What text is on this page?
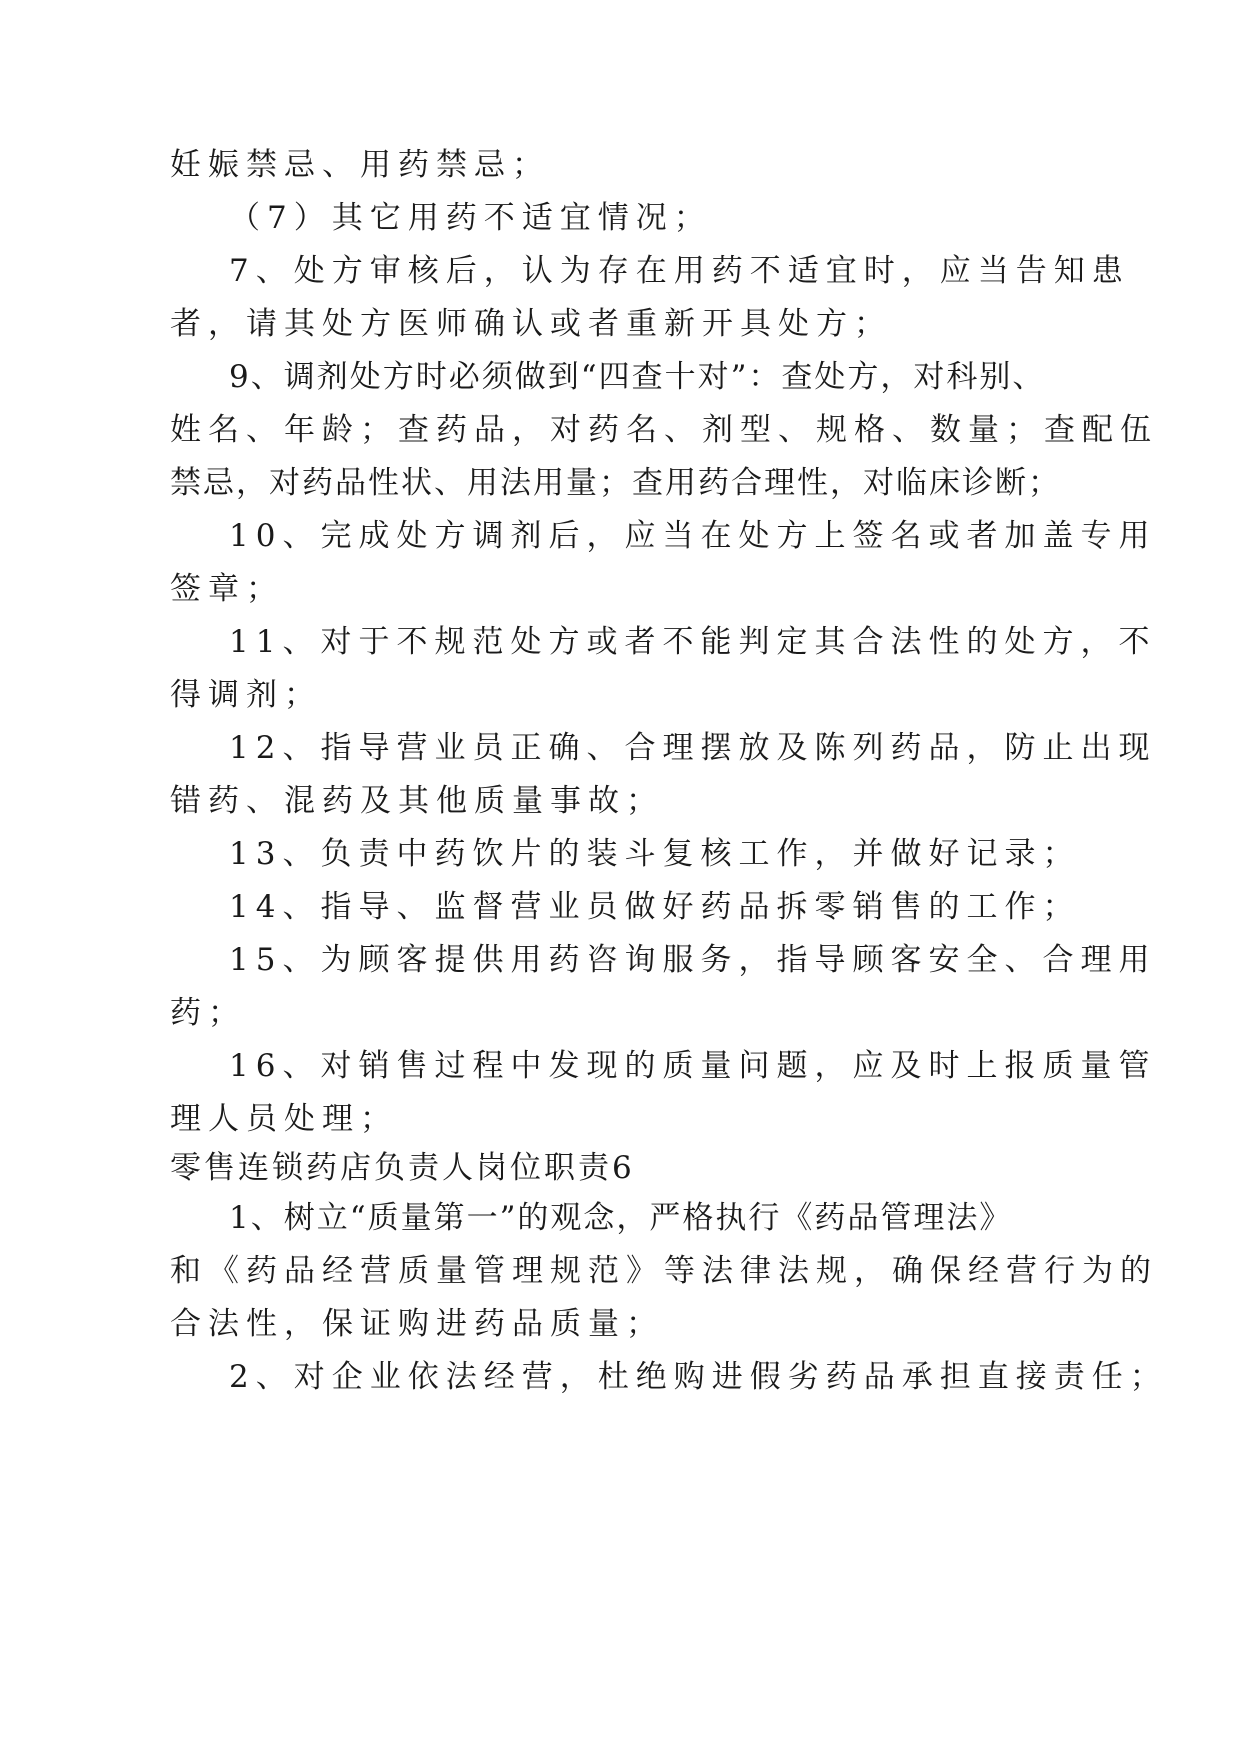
妊娠禁忌、用药禁忌；
（7）其它用药不适宜情况；
7、处方审核后，认为存在用药不适宜时，应当告知患
者，请其处方医师确认或者重新开具处方；
9、调剂处方时必须做到“四查十对”：查处方，对科别、
姓名、年龄；查药品，对药名、剂型、规格、数量；查配伍
禁忌，对药品性状、用法用量；查用药合理性，对临床诊断；
10、完成处方调剂后，应当在处方上签名或者加盖专用
签章；
11、对于不规范处方或者不能判定其合法性的处方，不
得调剂；
12、指导营业员正确、合理摆放及陈列药品，防止出现
错药、混药及其他质量事故；
13、负责中药饮片的装斗复核工作，并做好记录；
14、指导、监督营业员做好药品拆零销售的工作；
15、为顾客提供用药咨询服务，指导顾客安全、合理用
药；
16、对销售过程中发现的质量问题，应及时上报质量管
理人员处理；
零售连锁药店负责人岗位职责6
1、树立“质量第一”的观念，严格执行《药品管理法》
和《药品经营质量管理规范》等法律法规，确保经营行为的
合法性，保证购进药品质量；
2、对企业依法经营，杜绝购进假劣药品承担直接责任；
